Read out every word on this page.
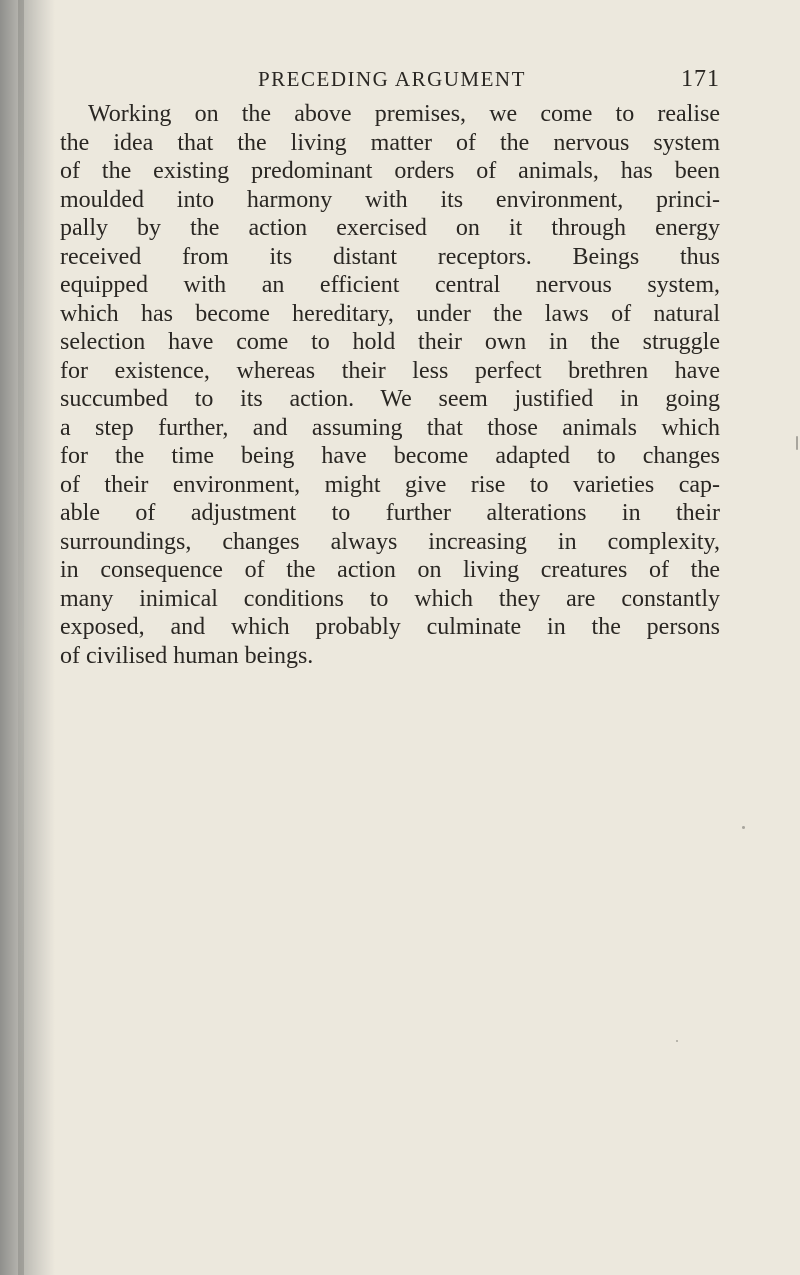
PRECEDING ARGUMENT	171

Working on the above premises, we come to realise
the idea that the living matter of the nervous system
of the existing predominant orders of animals, has been
moulded into harmony with its environment, princi-
pally by the action exercised on it through energy
received from its distant receptors. Beings thus
equipped with an efficient central nervous system,
which has become hereditary, under the laws of natural
selection have come to hold their own in the struggle
for existence, whereas their less perfect brethren have
succumbed to its action. We seem justified in going
a step further, and assuming that those animals which
for the time being have become adapted to changes
of their environment, might give rise to varieties cap-
able of adjustment to further alterations in their
surroundings, changes always increasing in complexity,
in consequence of the action on living creatures of the
many inimical conditions to which they are constantly
exposed, and which probably culminate in the persons
of civilised human beings.
